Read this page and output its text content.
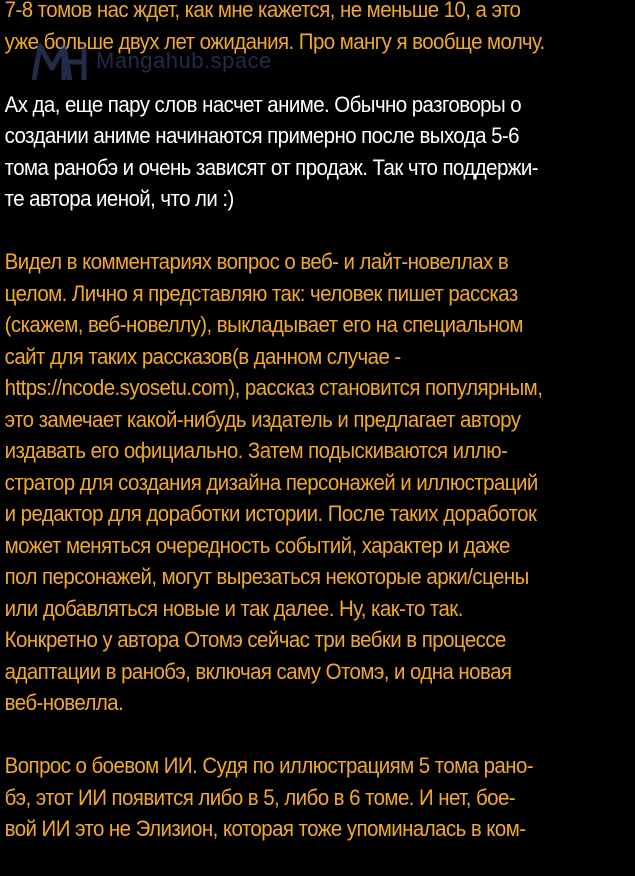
7-8 томов нас ждет, как мне кажется, не меньше 10, а это
уже больше двух лет ожидания. Про мангу я вообще молчу.
Ах да, еще пару слов насчет аниме. Обычно разговоры о
создании аниме начинаются примерно после выхода 5-6
тома ранобэ и очень зависят от продаж. Так что поддержи-
те автора иеной, что ли :)
Видел в комментариях вопрос о веб- и лайт-новеллах в
целом. Лично я представляю так: человек пишет рассказ
(скажем, веб-новеллу), выкладывает его на специальном
сайт для таких рассказов(в данном случае -
https://ncode.syosetu.com), рассказ становится популярным,
это замечает какой-нибудь издатель и предлагает автору
издавать его официально. Затем подыскиваются иллю-
стратор для создания дизайна персонажей и иллюстраций
и редактор для доработки истории. После таких доработок
может меняться очередность событий, характер и даже
пол персонажей, могут вырезаться некоторые арки/сцены
или добавляться новые и так далее. Ну, как-то так.
Конкретно у автора Отомэ сейчас три вебки в процессе
адаптации в ранобэ, включая саму Отомэ, и одна новая
веб-новелла.
Вопрос о боевом ИИ. Судя по иллюстрациям 5 тома рано-
бэ, этот ИИ появится либо в 5, либо в 6 томе. И нет, бое-
вой ИИ это не Элизион, которая тоже упоминалась в ком-
Mangahub.space
